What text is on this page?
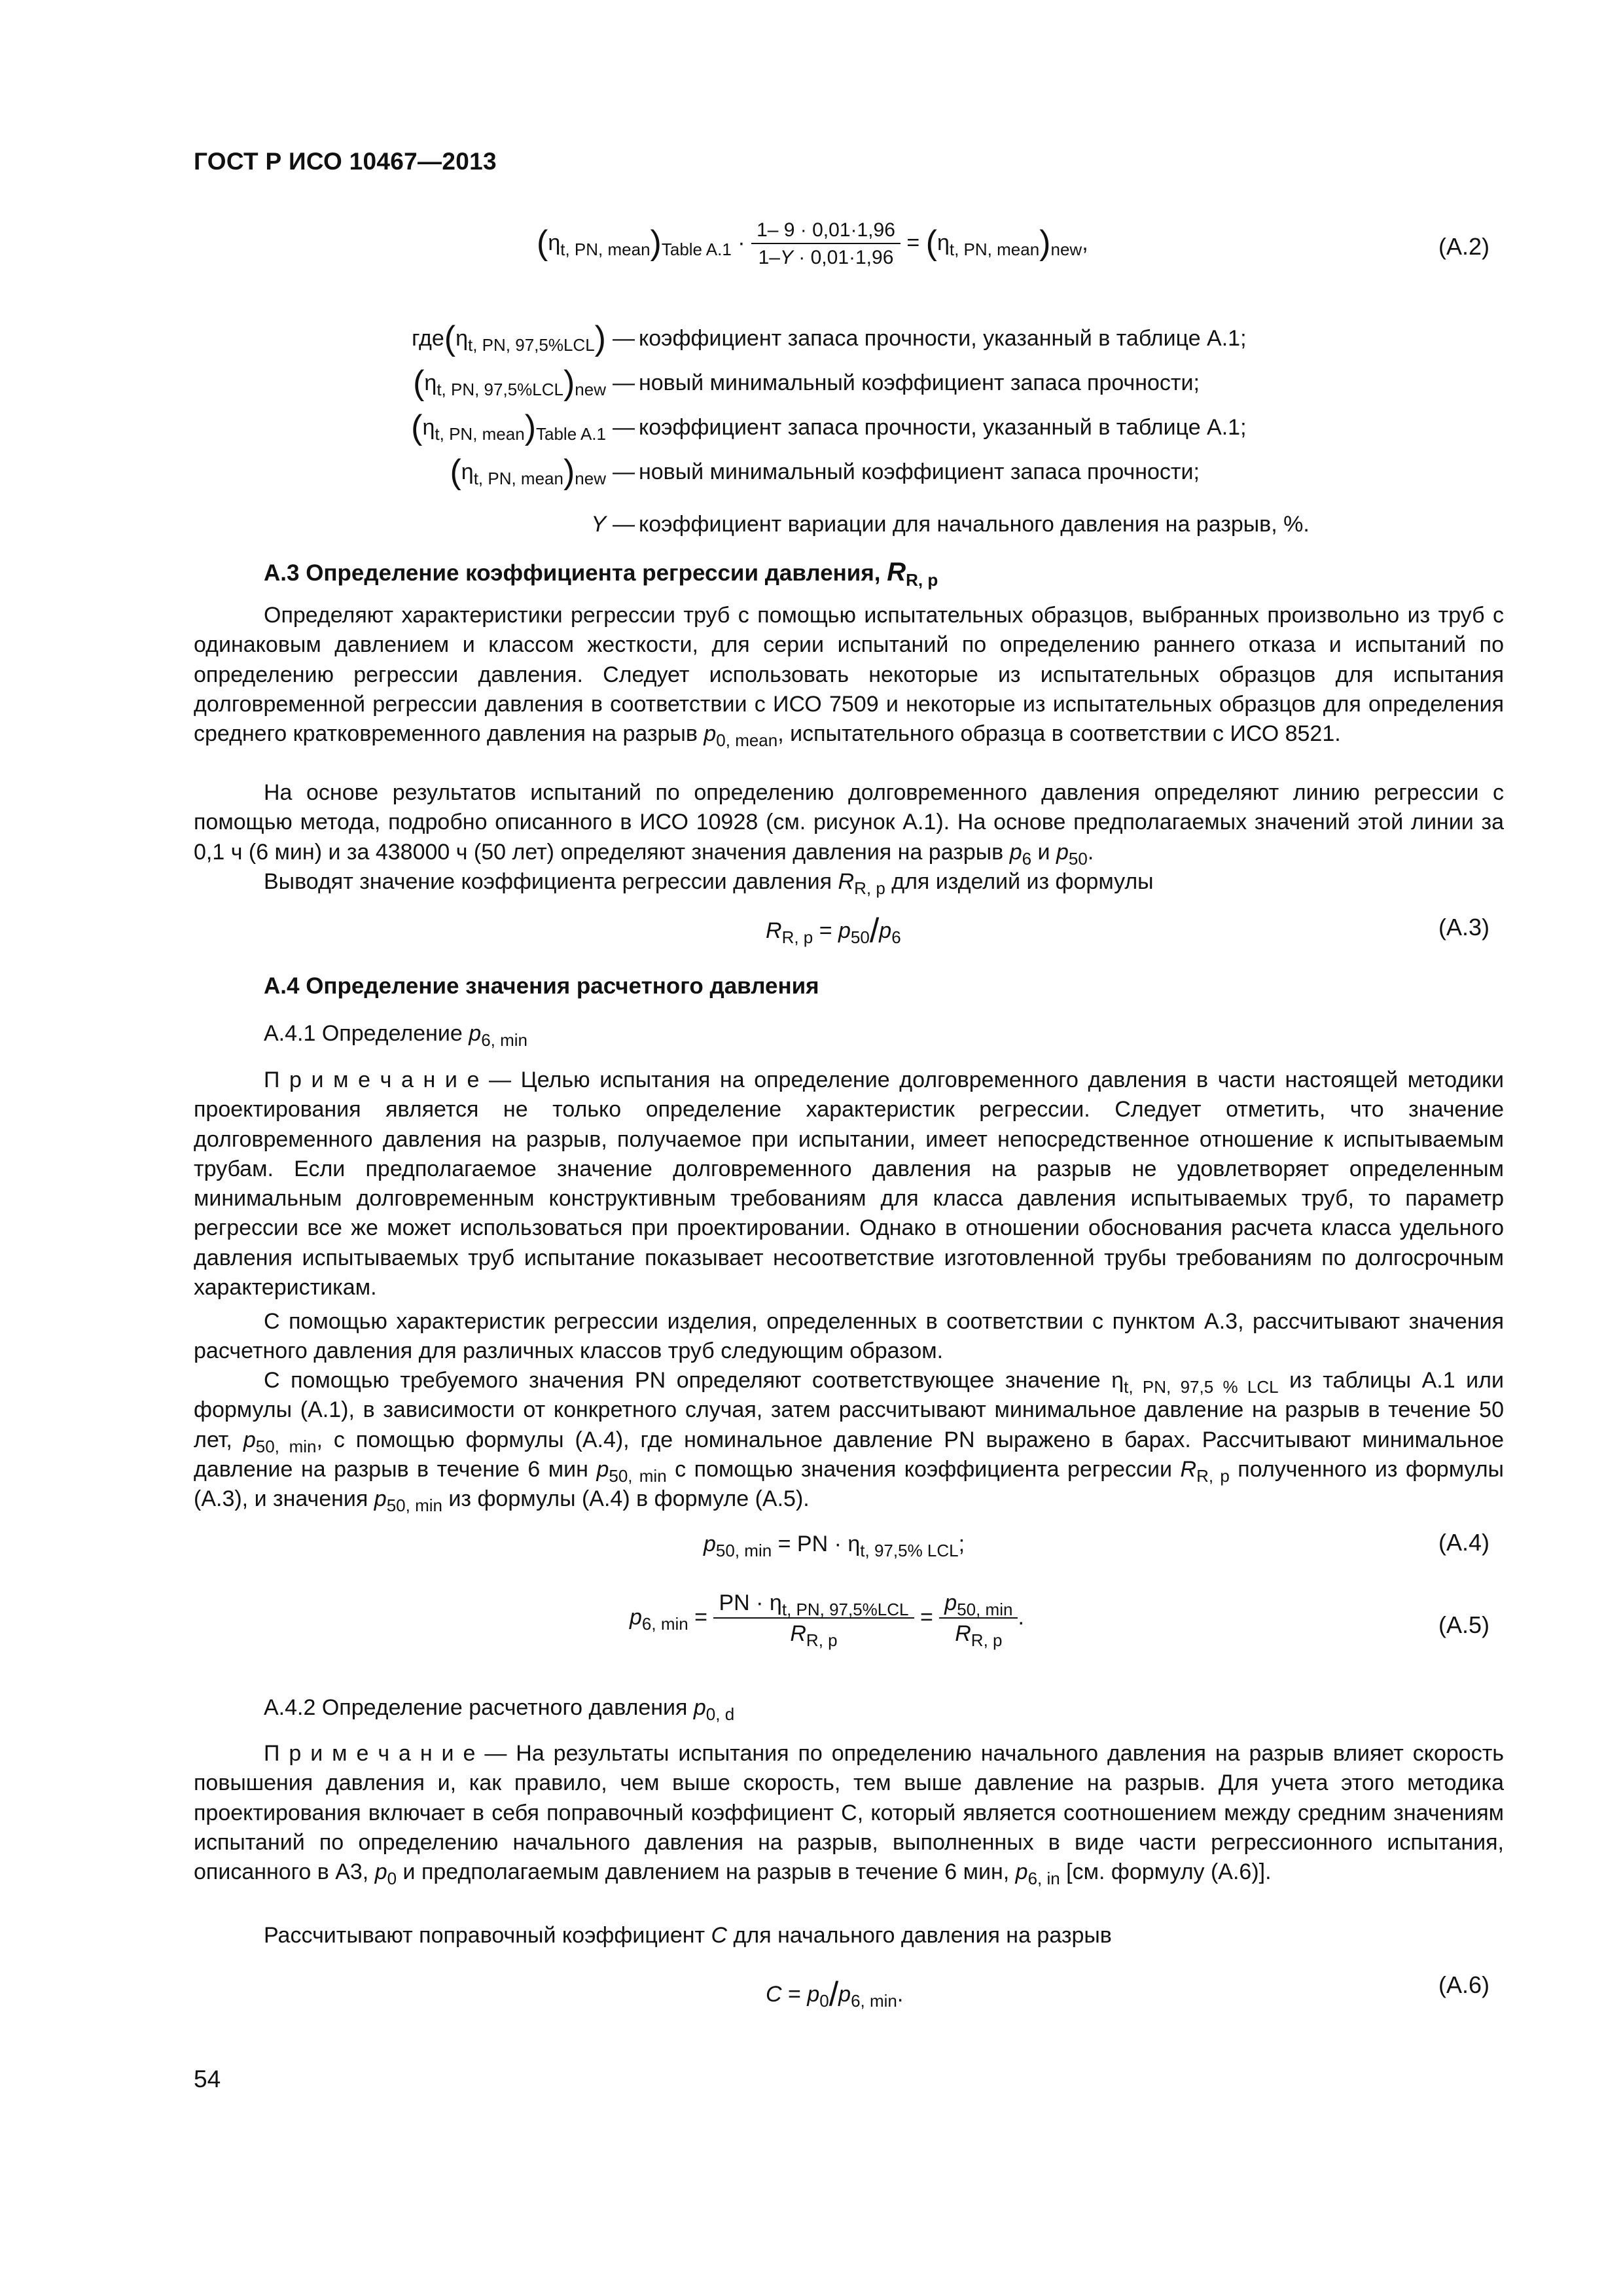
ГОСТ Р ИСО 10467—2013
$(\eta_{t, PN, mean})_{Table A.1} \cdot \frac{1- 9 \cdot 0,01\cdot 1,96}{1-Y \cdot 0,01\cdot 1,96} = (\eta_{t, PN, mean})_{new}$,	(A.2)
$где(\eta_{t, PN, 97,5\%LCL})$ — коэффициент запаса прочности, указанный в таблице A.1;
$(\eta_{t, PN, 97,5\%LCL})_{new}$ — новый минимальный коэффициент запаса прочности;
$(\eta_{t, PN, mean})_{Table A.1}$ — коэффициент запаса прочности, указанный в таблице A.1;
$(\eta_{t, PN, mean})_{new}$ — новый минимальный коэффициент запаса прочности;
Y — коэффициент вариации для начального давления на разрыв, %.
А.3 Определение коэффициента регрессии давления, $R_{R, p}$
Определяют характеристики регрессии труб с помощью испытательных образцов, выбранных произвольно из труб с одинаковым давлением и классом жесткости, для серии испытаний по определению раннего отказа и испытаний по определению регрессии давления. Следует использовать некоторые из испытательных образцов для испытания долговременной регрессии давления в соответствии с ИСО 7509 и некоторые из испытательных образцов для определения среднего кратковременного давления на разрыв $p_{0, mean}$, испытательного образца в соответствии с ИСО 8521.
На основе результатов испытаний по определению долговременного давления определяют линию регрессии с помощью метода, подробно описанного в ИСО 10928 (см. рисунок A.1). На основе предполагаемых значений этой линии за 0,1 ч (6 мин) и за 438000 ч (50 лет) определяют значения давления на разрыв $p_6$ и $p_{50}$.
Выводят значение коэффициента регрессии давления $R_{R, p}$ для изделий из формулы
$R_{R, p} = p_{50}/p_6$	(A.3)
А.4 Определение значения расчетного давления
А.4.1 Определение $p_{6, min}$
П р и м е ч а н и е — Целью испытания на определение долговременного давления в части настоящей методики проектирования является не только определение характеристик регрессии. Следует отметить, что значение долговременного давления на разрыв, получаемое при испытании, имеет непосредственное отношение к испытываемым трубам. Если предполагаемое значение долговременного давления на разрыв не удовлетворяет определенным минимальным долговременным конструктивным требованиям для класса давления испытываемых труб, то параметр регрессии все же может использоваться при проектировании. Однако в отношении обоснования расчета класса удельного давления испытываемых труб испытание показывает несоответствие изготовленной трубы требованиям по долгосрочным характеристикам.
С помощью характеристик регрессии изделия, определенных в соответствии с пунктом A.3, рассчитывают значения расчетного давления для различных классов труб следующим образом.
С помощью требуемого значения PN определяют соответствующее значение $\eta_{t, PN, 97,5 \% LCL}$ из таблицы A.1 или формулы (A.1), в зависимости от конкретного случая, затем рассчитывают минимальное давление на разрыв в течение 50 лет, $p_{50, min}$, с помощью формулы (A.4), где номинальное давление PN выражено в барах. Рассчитывают минимальное давление на разрыв в течение 6 мин $p_{50, min}$ с помощью значения коэффициента регрессии $R_{R, p}$ полученного из формулы (A.3), и значения $p_{50, min}$ из формулы (A.4) в формуле (A.5).
$p_{50, min}$ = PN · $\eta_{t, 97,5\% LCL}$;	(A.4)
$p_{6, min} = \frac{PN \cdot \eta_{t, PN, 97,5\%LCL}}{R_{R, p}} = \frac{p_{50, min}}{R_{R, p}}$ .	(A.5)
А.4.2 Определение расчетного давления $p_{0, d}$
П р и м е ч а н и е — На результаты испытания по определению начального давления на разрыв влияет скорость повышения давления и, как правило, чем выше скорость, тем выше давление на разрыв. Для учета этого методика проектирования включает в себя поправочный коэффициент C, который является соотношением между средним значениям испытаний по определению начального давления на разрыв, выполненных в виде части регрессионного испытания, описанного в A3, $p_0$ и предполагаемым давлением на разрыв в течение 6 мин, $p_{6, in}$ [см. формулу (A.6)].
Рассчитывают поправочный коэффициент C для начального давления на разрыв
$C = p_0/p_{6, min}$.	(A.6)
54
